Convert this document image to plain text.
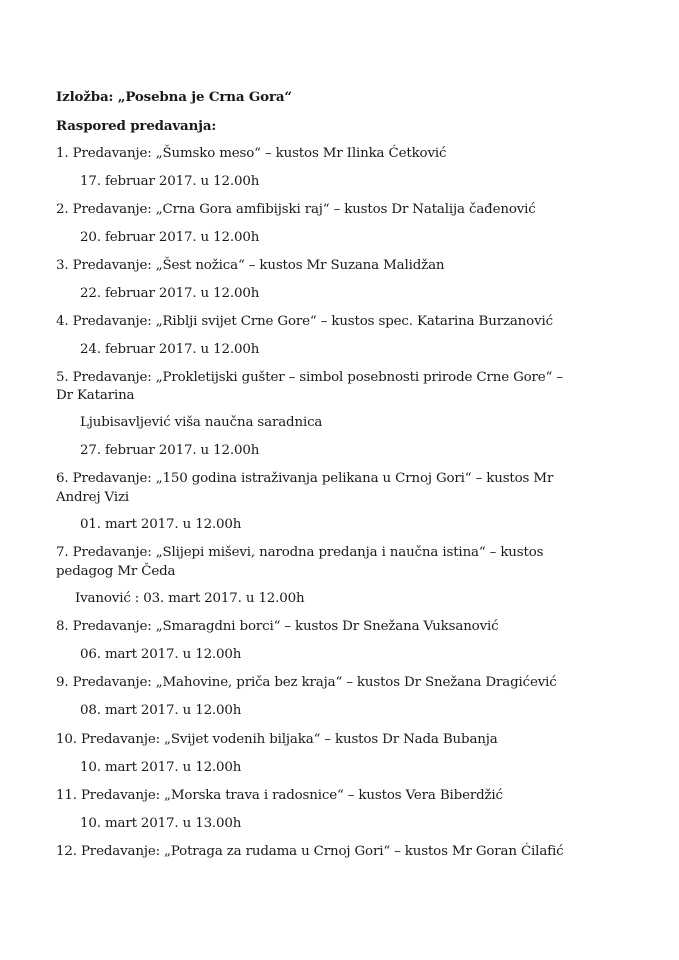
Izložba: „Posebna je Crna Gora“
Raspored predavanja:
1. Predavanje: „Šumsko meso“ – kustos Mr Ilinka Ćetković
17. februar 2017. u 12.00h
2. Predavanje: „Crna Gora amfibijski raj“ – kustos Dr Natalija čađenović
20. februar 2017. u 12.00h
3. Predavanje: „Šest nožica“ – kustos Mr Suzana Malidžan
22. februar 2017. u 12.00h
4. Predavanje: „Riblji svijet Crne Gore“ – kustos spec. Katarina Burzanović
24. februar 2017. u 12.00h
5. Predavanje: „Prokletijski gušter – simbol posebnosti prirode Crne Gore“ –
Dr Katarina
Ljubisavljević viša naučna saradnica
27. februar 2017. u 12.00h
6. Predavanje: „150 godina istraživanja pelikana u Crnoj Gori“ – kustos Mr
Andrej Vizi
01. mart 2017. u 12.00h
7. Predavanje: „Slijepi miševi, narodna predanja i naučna istina“ – kustos
pedagog Mr Čeda
Ivanović : 03. mart 2017. u 12.00h
8. Predavanje: „Smaragdni borci“ – kustos Dr Snežana Vuksanović
06. mart 2017. u 12.00h
9. Predavanje: „Mahovine, priča bez kraja“ – kustos Dr Snežana Dragićević
08. mart 2017. u 12.00h
10. Predavanje: „Svijet vodenih biljaka“ – kustos Dr Nada Bubanja
10. mart 2017. u 12.00h
11. Predavanje: „Morska trava i radosnice“ – kustos Vera Biberdžić
10. mart 2017. u 13.00h
12. Predavanje: „Potraga za rudama u Crnoj Gori“ – kustos Mr Goran Ćilafić
